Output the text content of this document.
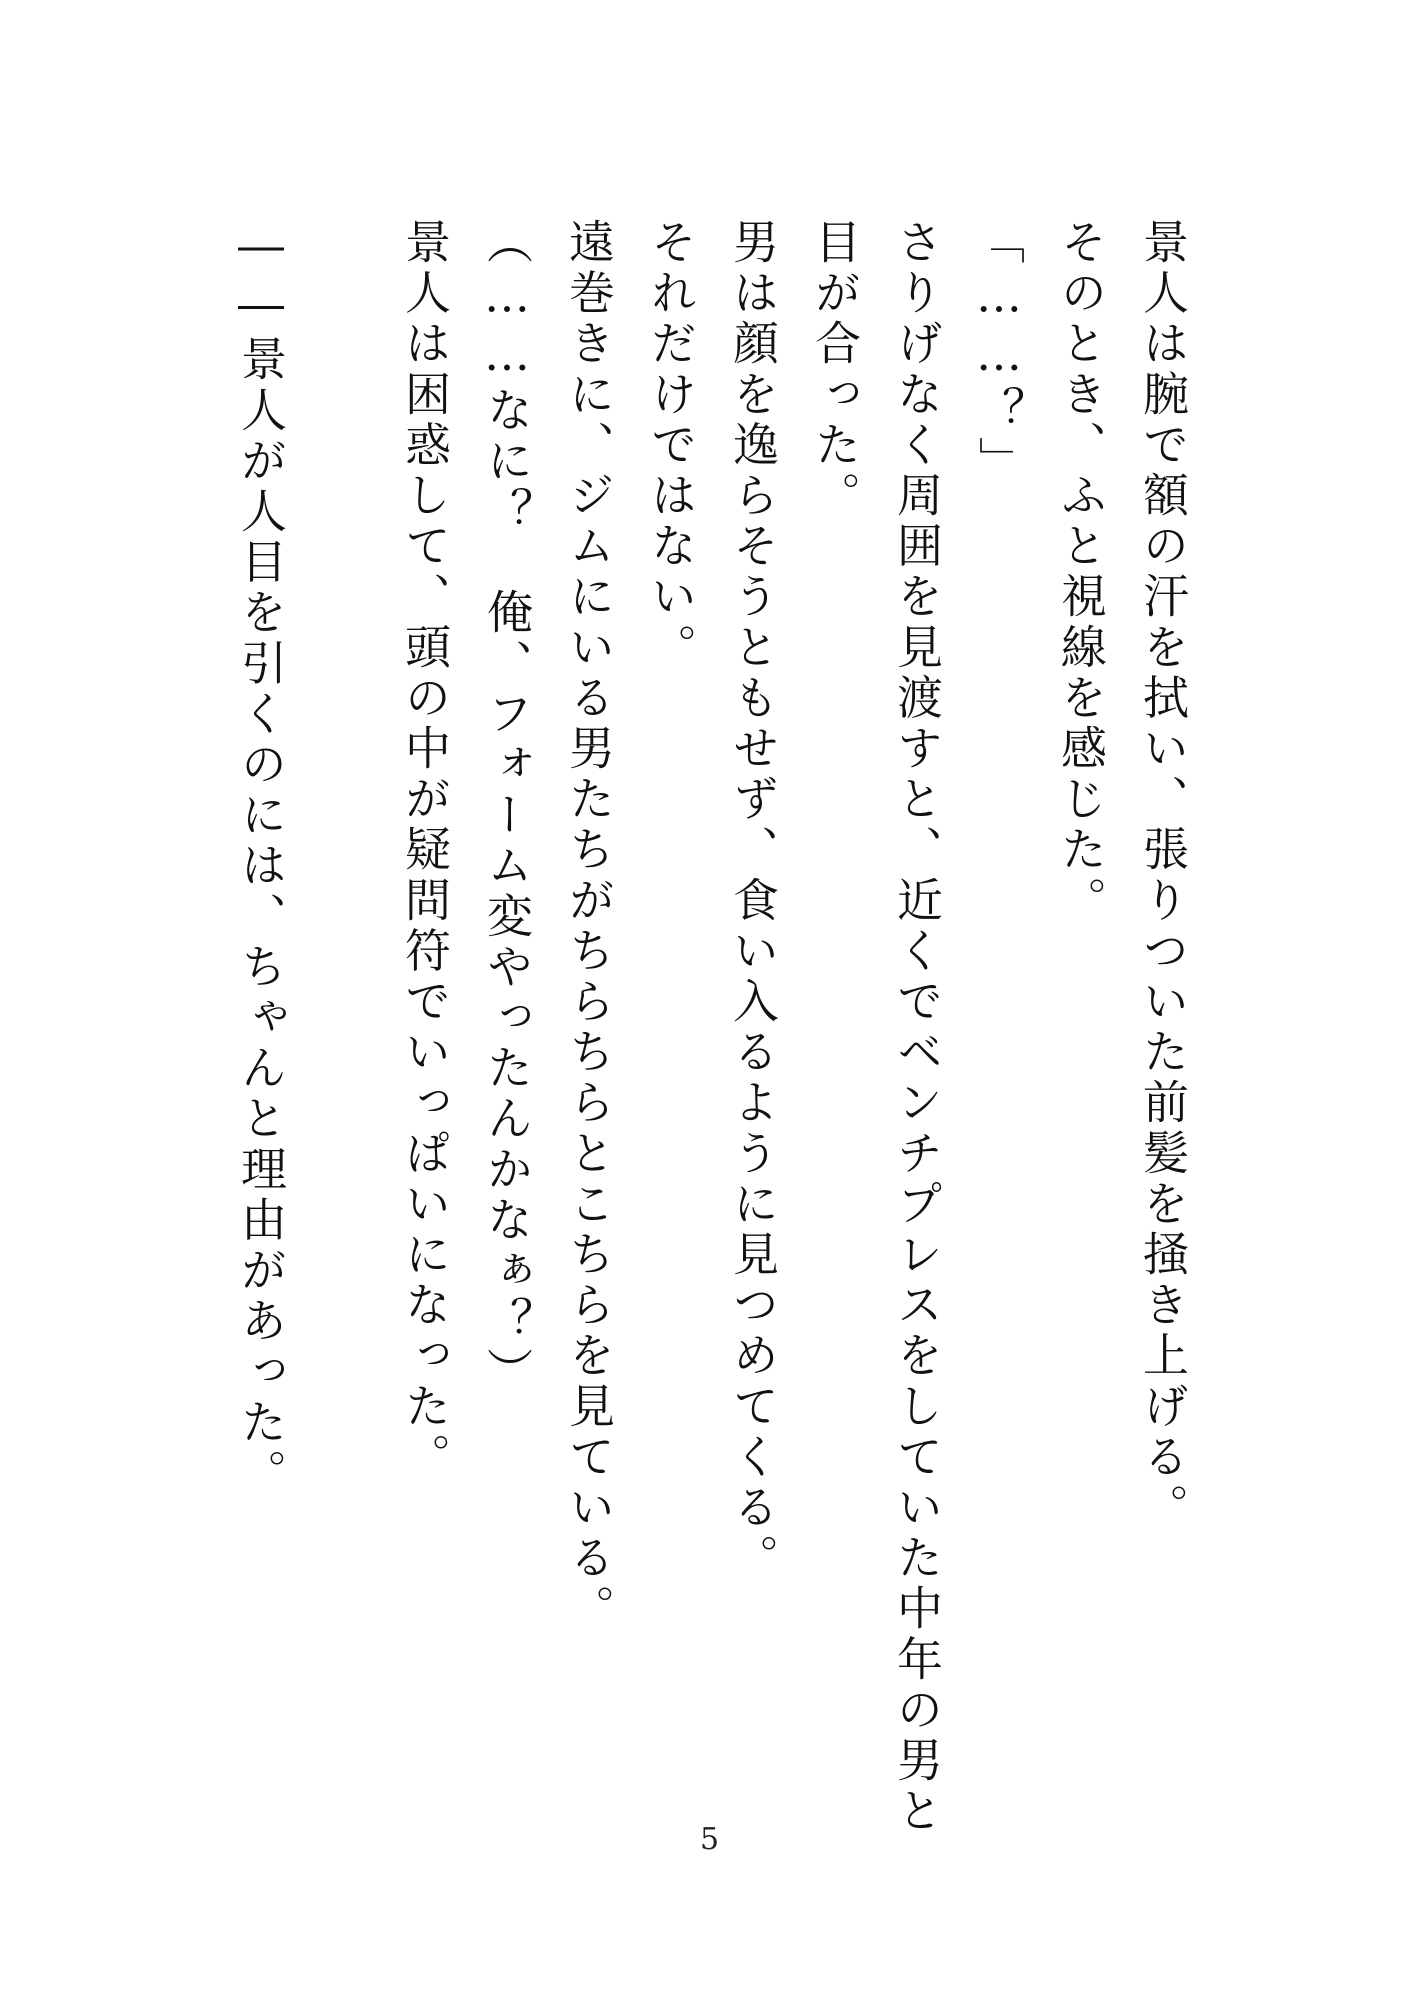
景人は腕で額の汗を拭い、張りついた前髪を掻き上げる。
そのとき、ふと視線を感じた。
「……？」
さりげなく周囲を見渡すと、近くでベンチプレスをしていた中年の男と
目が合った。
男は顔を逸らそうともせず、食い入るように見つめてくる。
それだけではない。
遠巻きに、ジムにいる男たちがちらちらとこちらを見ている。
（……なに？　俺、フォーム変やったんかなぁ？）
景人は困惑して、頭の中が疑問符でいっぱいになった。
――景人が人目を引くのには、ちゃんと理由があった。
5
